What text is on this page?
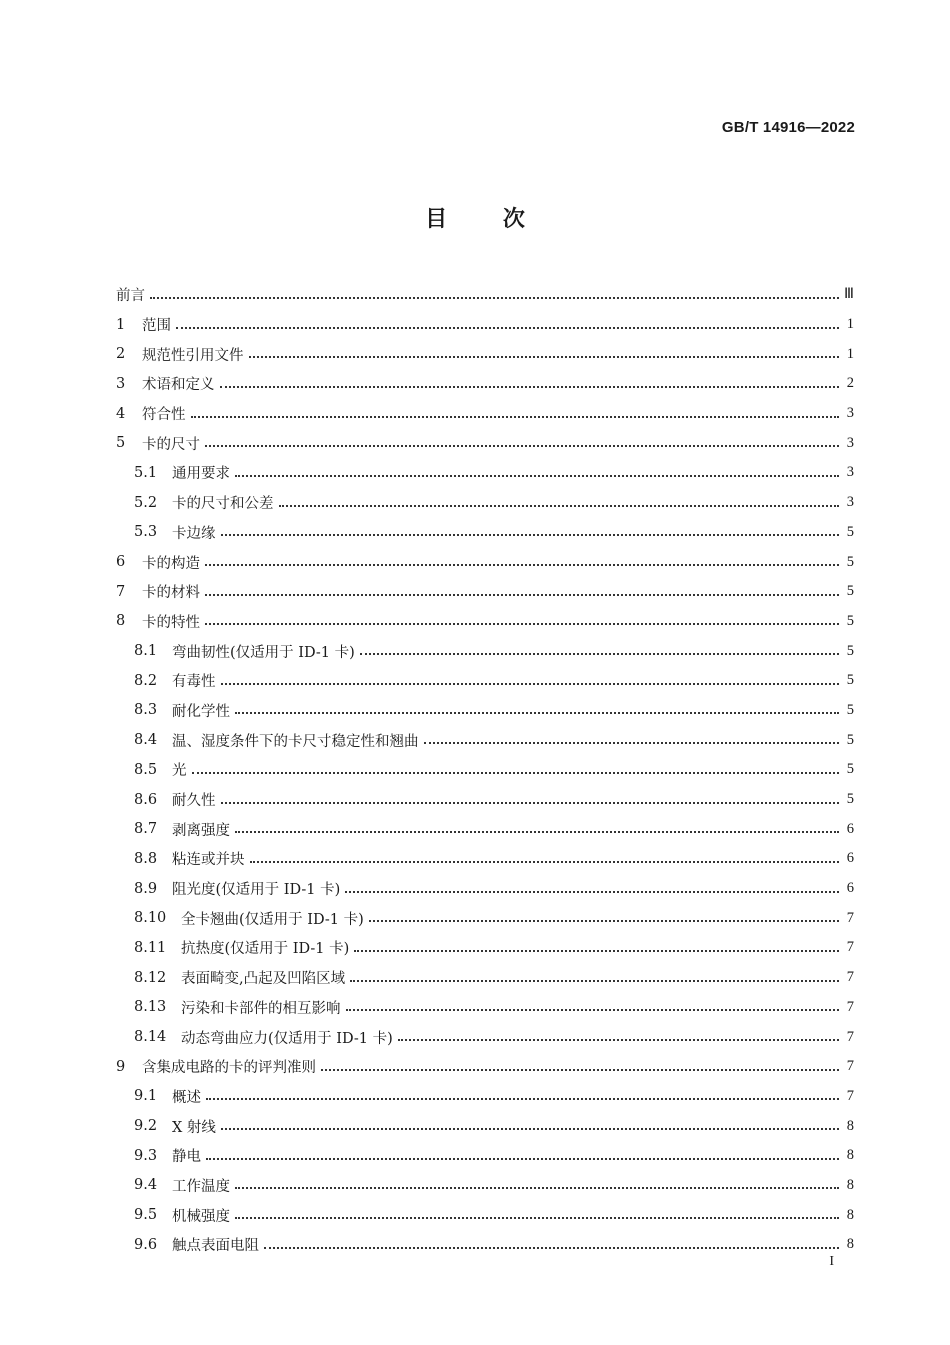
GB/T 14916—2022
目 次
前言	Ⅲ
1	范围	1
2	规范性引用文件	1
3	术语和定义	2
4	符合性	3
5	卡的尺寸	3
5.1	通用要求	3
5.2	卡的尺寸和公差	3
5.3	卡边缘	5
6	卡的构造	5
7	卡的材料	5
8	卡的特性	5
8.1	弯曲韧性(仅适用于 ID-1 卡)	5
8.2	有毒性	5
8.3	耐化学性	5
8.4	温、湿度条件下的卡尺寸稳定性和翘曲	5
8.5	光	5
8.6	耐久性	5
8.7	剥离强度	6
8.8	粘连或并块	6
8.9	阻光度(仅适用于 ID-1 卡)	6
8.10	全卡翘曲(仅适用于 ID-1 卡)	7
8.11	抗热度(仅适用于 ID-1 卡)	7
8.12	表面畸变,凸起及凹陷区域	7
8.13	污染和卡部件的相互影响	7
8.14	动态弯曲应力(仅适用于 ID-1 卡)	7
9	含集成电路的卡的评判准则	7
9.1	概述	7
9.2	X 射线	8
9.3	静电	8
9.4	工作温度	8
9.5	机械强度	8
9.6	触点表面电阻	8
I
